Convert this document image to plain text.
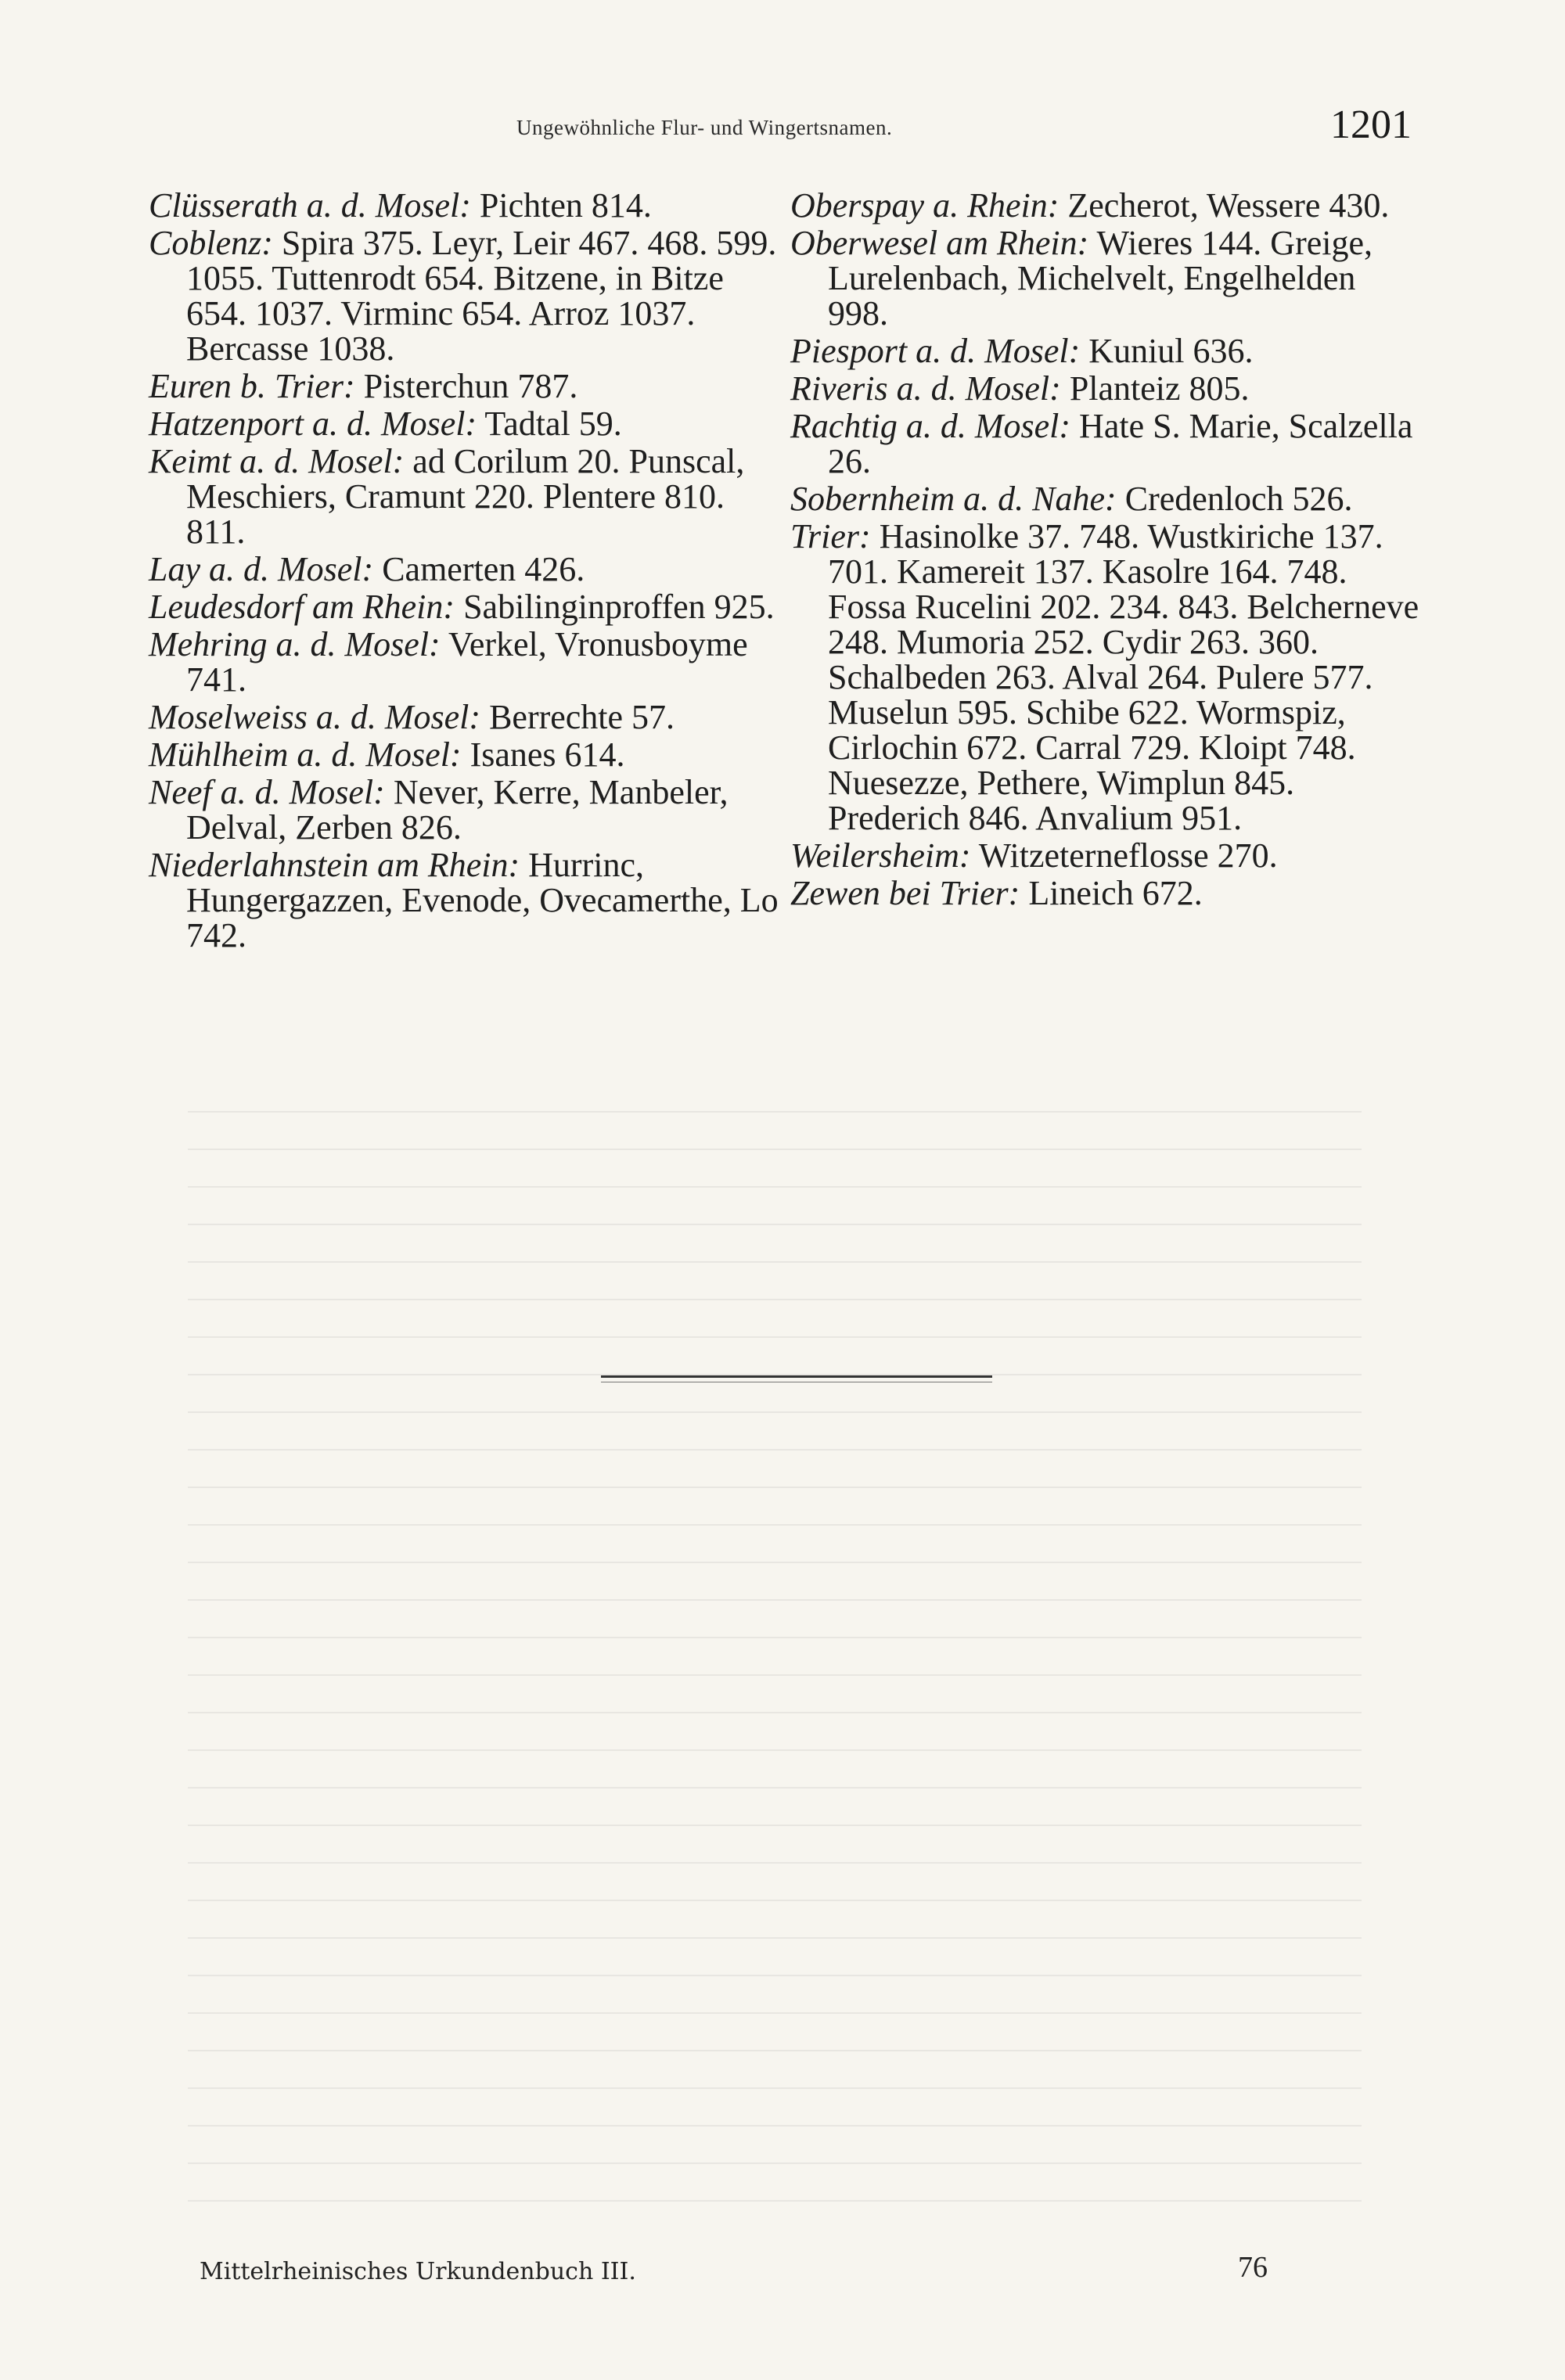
Ungewöhnliche Flur- und Wingertsnamen.	1201

Clüsserath a. d. Mosel: Pichten 814.

Coblenz: Spira 375. Leyr, Leir 467. 468. 599. 1055. Tuttenrodt 654. Bitzene, in Bitze 654. 1037. Virminc 654. Arroz 1037. Bercasse 1038.

Euren b. Trier: Pisterchun 787.

Hatzenport a. d. Mosel: Tadtal 59.

Keimt a. d. Mosel: ad Corilum 20. Punscal, Meschiers, Cramunt 220. Plentere 810. 811.

Lay a. d. Mosel: Camerten 426.

Leudesdorf am Rhein: Sabilinginproffen 925.

Mehring a. d. Mosel: Verkel, Vronusboyme 741.

Moselweiss a. d. Mosel: Berrechte 57.

Mühlheim a. d. Mosel: Isanes 614.

Neef a. d. Mosel: Never, Kerre, Manbeler, Delval, Zerben 826.

Niederlahnstein am Rhein: Hurrinc, Hungergazzen, Evenode, Ovecamerthe, Lo 742.

Oberspay a. Rhein: Zecherot, Wessere 430.

Oberwesel am Rhein: Wieres 144. Greige, Lurelenbach, Michelvelt, Engelhelden 998.

Piesport a. d. Mosel: Kuniul 636.

Riveris a. d. Mosel: Planteiz 805.

Rachtig a. d. Mosel: Hate S. Marie, Scalzella 26.

Sobernheim a. d. Nahe: Credenloch 526.

Trier: Hasinolke 37. 748. Wustkiriche 137. 701. Kamereit 137. Kasolre 164. 748. Fossa Rucelini 202. 234. 843. Belcherneve 248. Mumoria 252. Cydir 263. 360. Schalbeden 263. Alval 264. Pulere 577. Muselun 595. Schibe 622. Wormspiz, Cirlochin 672. Carral 729. Kloipt 748. Nuesezze, Pethere, Wimplun 845. Prederich 846. Anvalium 951.

Weilersheim: Witzeterneflosse 270.

Zewen bei Trier: Lineich 672.

Mittelrheinisches Urkundenbuch III.	76
